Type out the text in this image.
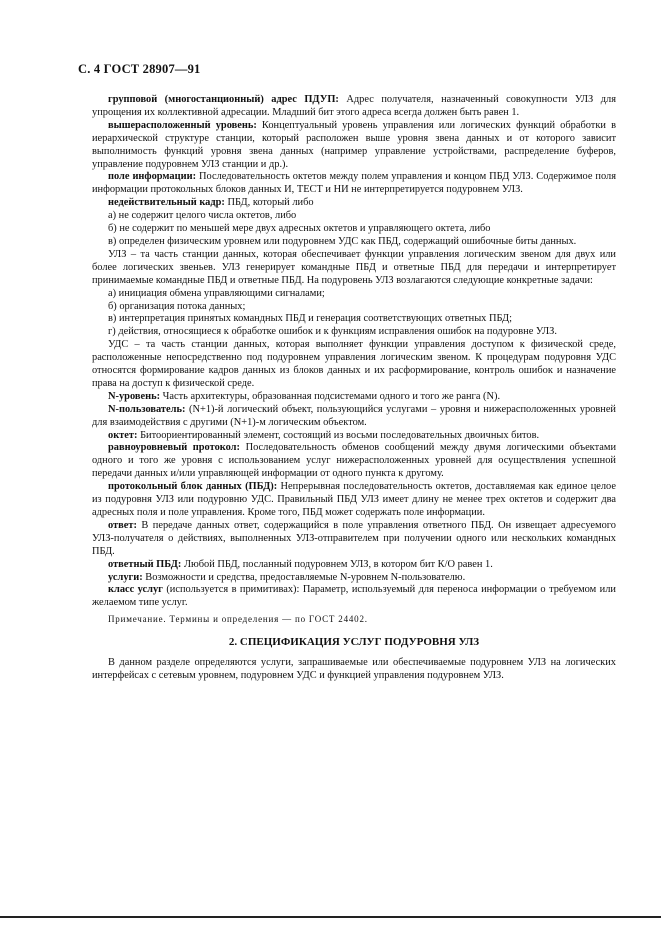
С. 4 ГОСТ 28907—91

групповой (многостанционный) адрес ПДУП: Адрес получателя, назначенный совокупности УЛЗ для упрощения их коллективной адресации. Младший бит этого адреса всегда должен быть равен 1.

вышерасположенный уровень: Концептуальный уровень управления или логических функций обработки в иерархической структуре станции, который расположен выше уровня звена данных и от которого зависит выполнимость функций уровня звена данных (например управление устройствами, распределение буферов, управление подуровнем УЛЗ станции и др.).

поле информации: Последовательность октетов между полем управления и концом ПБД УЛЗ. Содержимое поля информации протокольных блоков данных И, ТЕСТ и НИ не интерпретируется подуровнем УЛЗ.

недействительный кадр: ПБД, который либо

а) не содержит целого числа октетов, либо

б) не содержит по меньшей мере двух адресных октетов и управляющего октета, либо

в) определен физическим уровнем или подуровнем УДС как ПБД, содержащий ошибочные биты данных.

УЛЗ – та часть станции данных, которая обеспечивает функции управления логическим звеном для двух или более логических звеньев. УЛЗ генерирует командные ПБД и ответные ПБД для передачи и интерпретирует принимаемые командные ПБД и ответные ПБД. На подуровень УЛЗ возлагаются следующие конкретные задачи:

а) инициация обмена управляющими сигналами;

б) организация потока данных;

в) интерпретация принятых командных ПБД и генерация соответствующих ответных ПБД;

г) действия, относящиеся к обработке ошибок и к функциям исправления ошибок на подуровне УЛЗ.

УДС – та часть станции данных, которая выполняет функции управления доступом к физической среде, расположенные непосредственно под подуровнем управления логическим звеном. К процедурам подуровня УДС относятся формирование кадров данных из блоков данных и их расформирование, контроль ошибок и назначение права на доступ к физической среде.

N-уровень: Часть архитектуры, образованная подсистемами одного и того же ранга (N).

N-пользователь: (N+1)-й логический объект, пользующийся услугами – уровня и нижерасположенных уровней для взаимодействия с другими (N+1)-м логическим объектом.

октет: Битоориентированный элемент, состоящий из восьми последовательных двоичных битов.

равноуровневый протокол: Последовательность обменов сообщений между двумя логическими объектами одного и того же уровня с использованием услуг нижерасположенных уровней для осуществления успешной передачи данных и/или управляющей информации от одного пункта к другому.

протокольный блок данных (ПБД): Непрерывная последовательность октетов, доставляемая как единое целое из подуровня УЛЗ или подуровню УДС. Правильный ПБД УЛЗ имеет длину не менее трех октетов и содержит два адресных поля и поле управления. Кроме того, ПБД может содержать поле информации.

ответ: В передаче данных ответ, содержащийся в поле управления ответного ПБД. Он извещает адресуемого УЛЗ-получателя о действиях, выполненных УЛЗ-отправителем при получении одного или нескольких командных ПБД.

ответный ПБД: Любой ПБД, посланный подуровнем УЛЗ, в котором бит К/О равен 1.

услуги: Возможности и средства, предоставляемые N-уровнем N-пользователю.

класс услуг (используется в примитивах): Параметр, используемый для переноса информации о требуемом или желаемом типе услуг.

Примечание. Термины и определения — по ГОСТ 24402.

2. СПЕЦИФИКАЦИЯ УСЛУГ ПОДУРОВНЯ УЛЗ

В данном разделе определяются услуги, запрашиваемые или обеспечиваемые подуровнем УЛЗ на логических интерфейсах с сетевым уровнем, подуровнем УДС и функцией управления подуровнем УЛЗ.
